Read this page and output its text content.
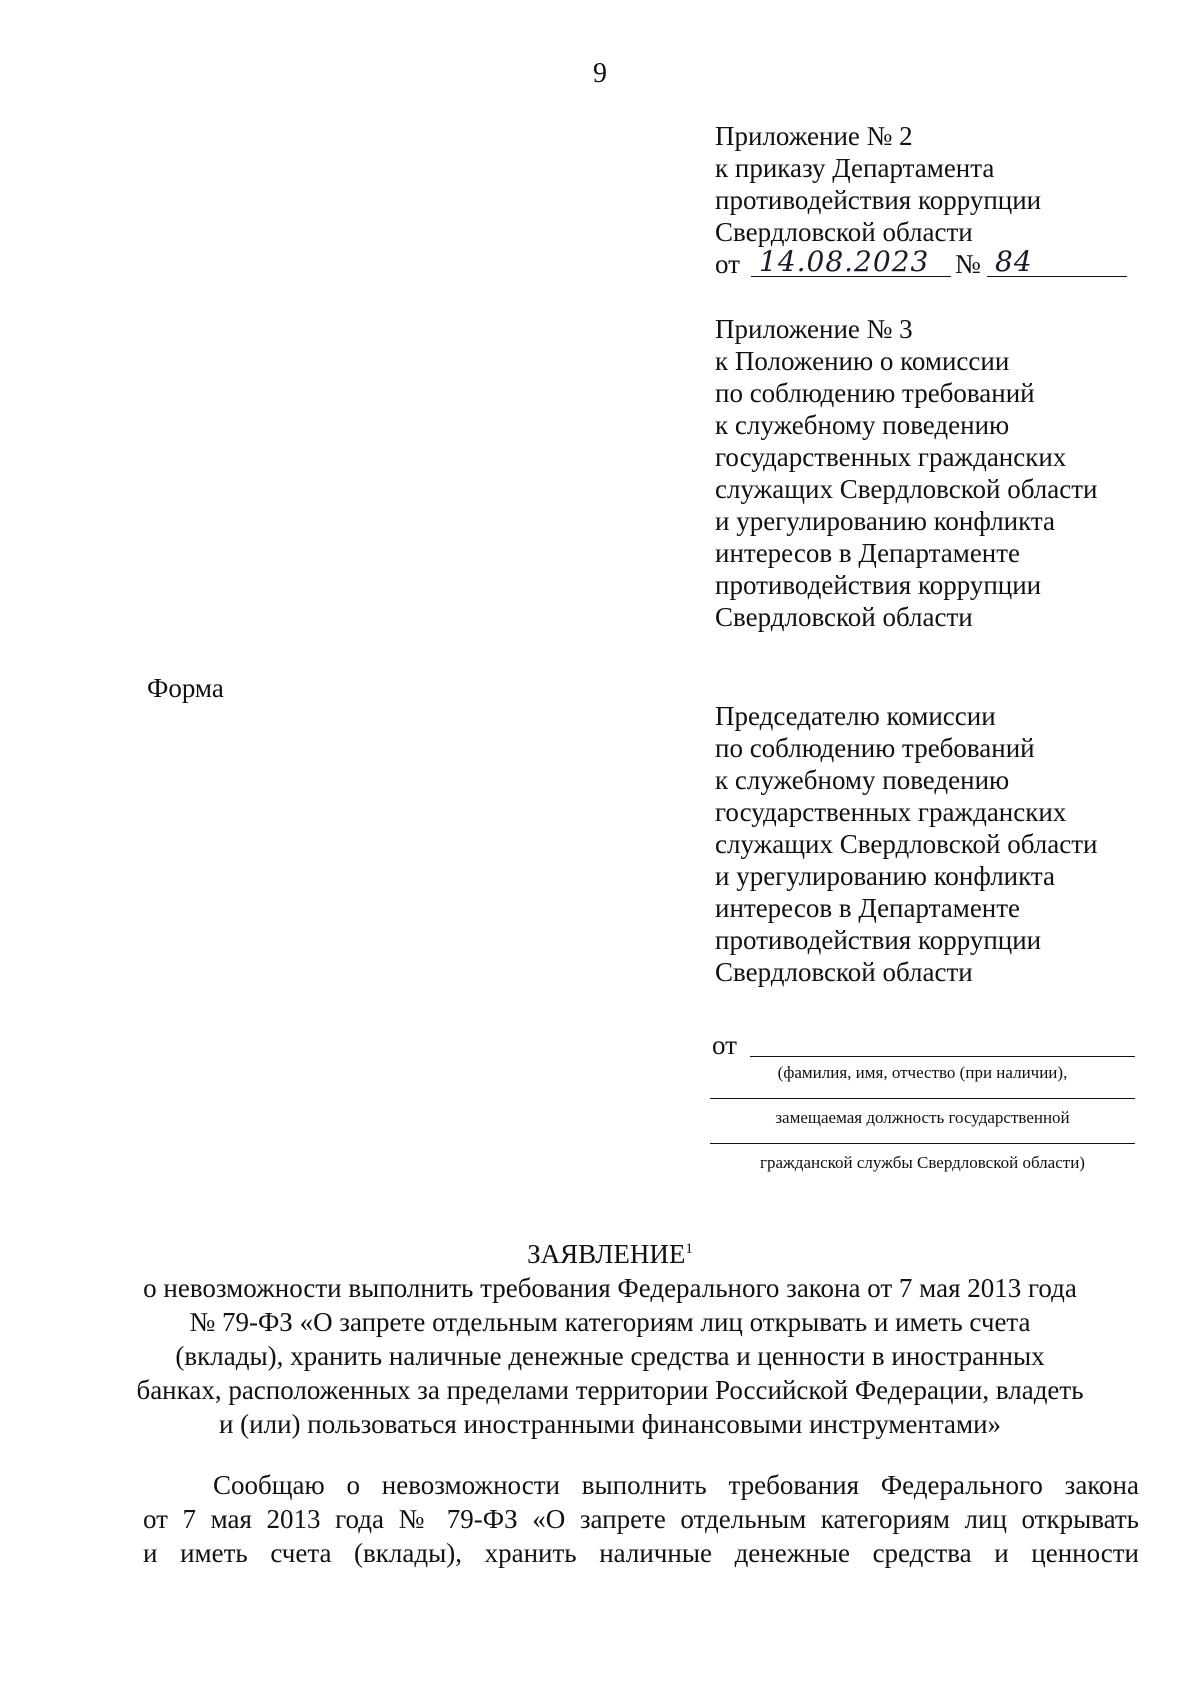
9
Приложение № 2
к приказу Департамента
противодействия коррупции
Свердловской области
от 14.08.2023 № 84
Приложение № 3
к Положению о комиссии
по соблюдению требований
к служебному поведению
государственных гражданских
служащих Свердловской области
и урегулированию конфликта
интересов в Департаменте
противодействия коррупции
Свердловской области
Форма
Председателю комиссии
по соблюдению требований
к служебному поведению
государственных гражданских
служащих Свердловской области
и урегулированию конфликта
интересов в Департаменте
противодействия коррупции
Свердловской области
от
(фамилия, имя, отчество (при наличии),
замещаемая должность государственной
гражданской службы Свердловской области)
ЗАЯВЛЕНИЕ$^1$
о невозможности выполнить требования Федерального закона от 7 мая 2013 года
№ 79-ФЗ «О запрете отдельным категориям лиц открывать и иметь счета
(вклады), хранить наличные денежные средства и ценности в иностранных
банках, расположенных за пределами территории Российской Федерации, владеть
и (или) пользоваться иностранными финансовыми инструментами»
Сообщаю о невозможности выполнить требования Федерального закона
от 7 мая 2013 года № 79-ФЗ «О запрете отдельным категориям лиц открывать
и иметь счета (вклады), хранить наличные денежные средства и ценности
